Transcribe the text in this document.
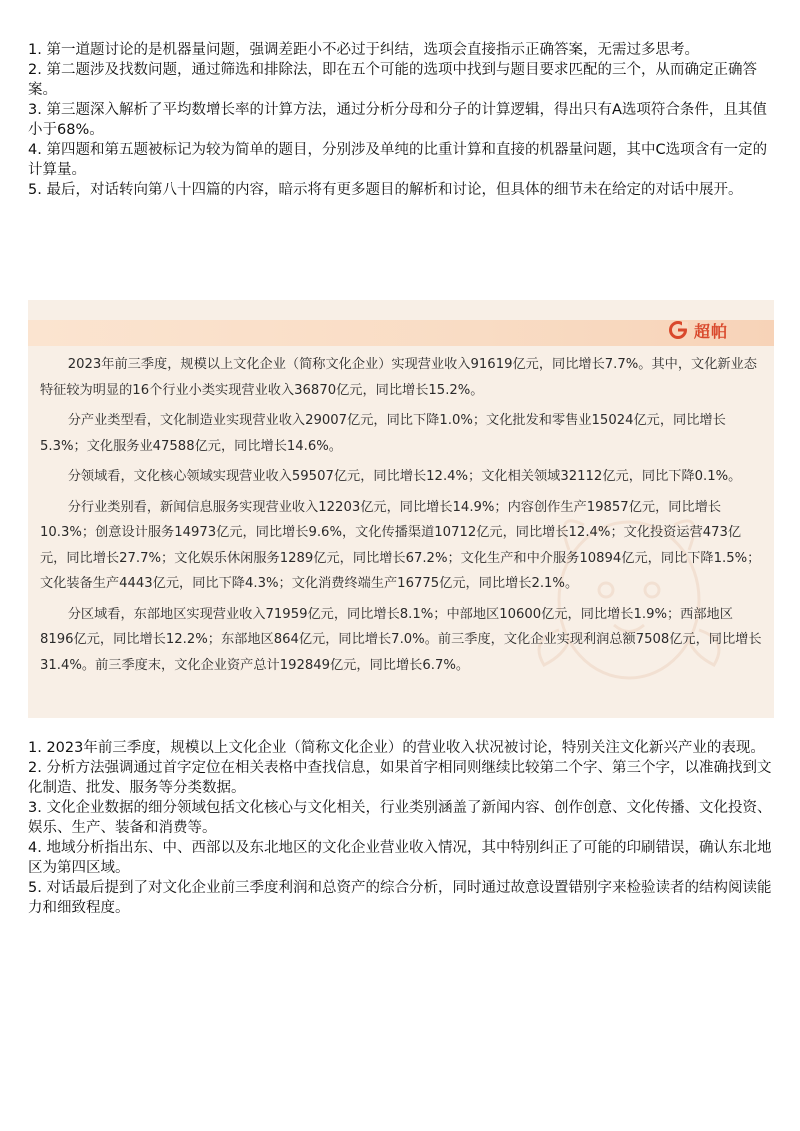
1. 第一道题讨论的是机器量问题，强调差距小不必过于纠结，选项会直接指示正确答案，无需过多思考。

2. 第二题涉及找数问题，通过筛选和排除法，即在五个可能的选项中找到与题目要求匹配的三个，从而确定正确答案。

3. 第三题深入解析了平均数增长率的计算方法，通过分析分母和分子的计算逻辑，得出只有A选项符合条件，且其值小于68%。

4. 第四题和第五题被标记为较为简单的题目，分别涉及单纯的比重计算和直接的机器量问题，其中C选项含有一定的计算量。

5. 最后，对话转向第八十四篇的内容，暗示将有更多题目的解析和讨论，但具体的细节未在给定的对话中展开。

超帕

2023年前三季度，规模以上文化企业（简称文化企业）实现营业收入91619亿元，同比增长7.7%。其中，文化新业态特征较为明显的16个行业小类实现营业收入36870亿元，同比增长15.2%。

分产业类型看，文化制造业实现营业收入29007亿元，同比下降1.0%；文化批发和零售业15024亿元，同比增长5.3%；文化服务业47588亿元，同比增长14.6%。

分领域看，文化核心领域实现营业收入59507亿元，同比增长12.4%；文化相关领域32112亿元，同比下降0.1%。

分行业类别看，新闻信息服务实现营业收入12203亿元，同比增长14.9%；内容创作生产19857亿元，同比增长10.3%；创意设计服务14973亿元，同比增长9.6%，文化传播渠道10712亿元，同比增长12.4%；文化投资运营473亿元，同比增长27.7%；文化娱乐休闲服务1289亿元，同比增长67.2%；文化生产和中介服务10894亿元，同比下降1.5%；文化装备生产4443亿元，同比下降4.3%；文化消费终端生产16775亿元，同比增长2.1%。

分区域看，东部地区实现营业收入71959亿元，同比增长8.1%；中部地区10600亿元，同比增长1.9%；西部地区8196亿元，同比增长12.2%；东部地区864亿元，同比增长7.0%。前三季度，文化企业实现利润总额7508亿元，同比增长31.4%。前三季度末，文化企业资产总计192849亿元，同比增长6.7%。

1. 2023年前三季度，规模以上文化企业（简称文化企业）的营业收入状况被讨论，特别关注文化新兴产业的表现。

2. 分析方法强调通过首字定位在相关表格中查找信息，如果首字相同则继续比较第二个字、第三个字，以准确找到文化制造、批发、服务等分类数据。

3. 文化企业数据的细分领域包括文化核心与文化相关，行业类别涵盖了新闻内容、创作创意、文化传播、文化投资、娱乐、生产、装备和消费等。

4. 地域分析指出东、中、西部以及东北地区的文化企业营业收入情况，其中特别纠正了可能的印刷错误，确认东北地区为第四区域。

5. 对话最后提到了对文化企业前三季度利润和总资产的综合分析，同时通过故意设置错别字来检验读者的结构阅读能力和细致程度。
